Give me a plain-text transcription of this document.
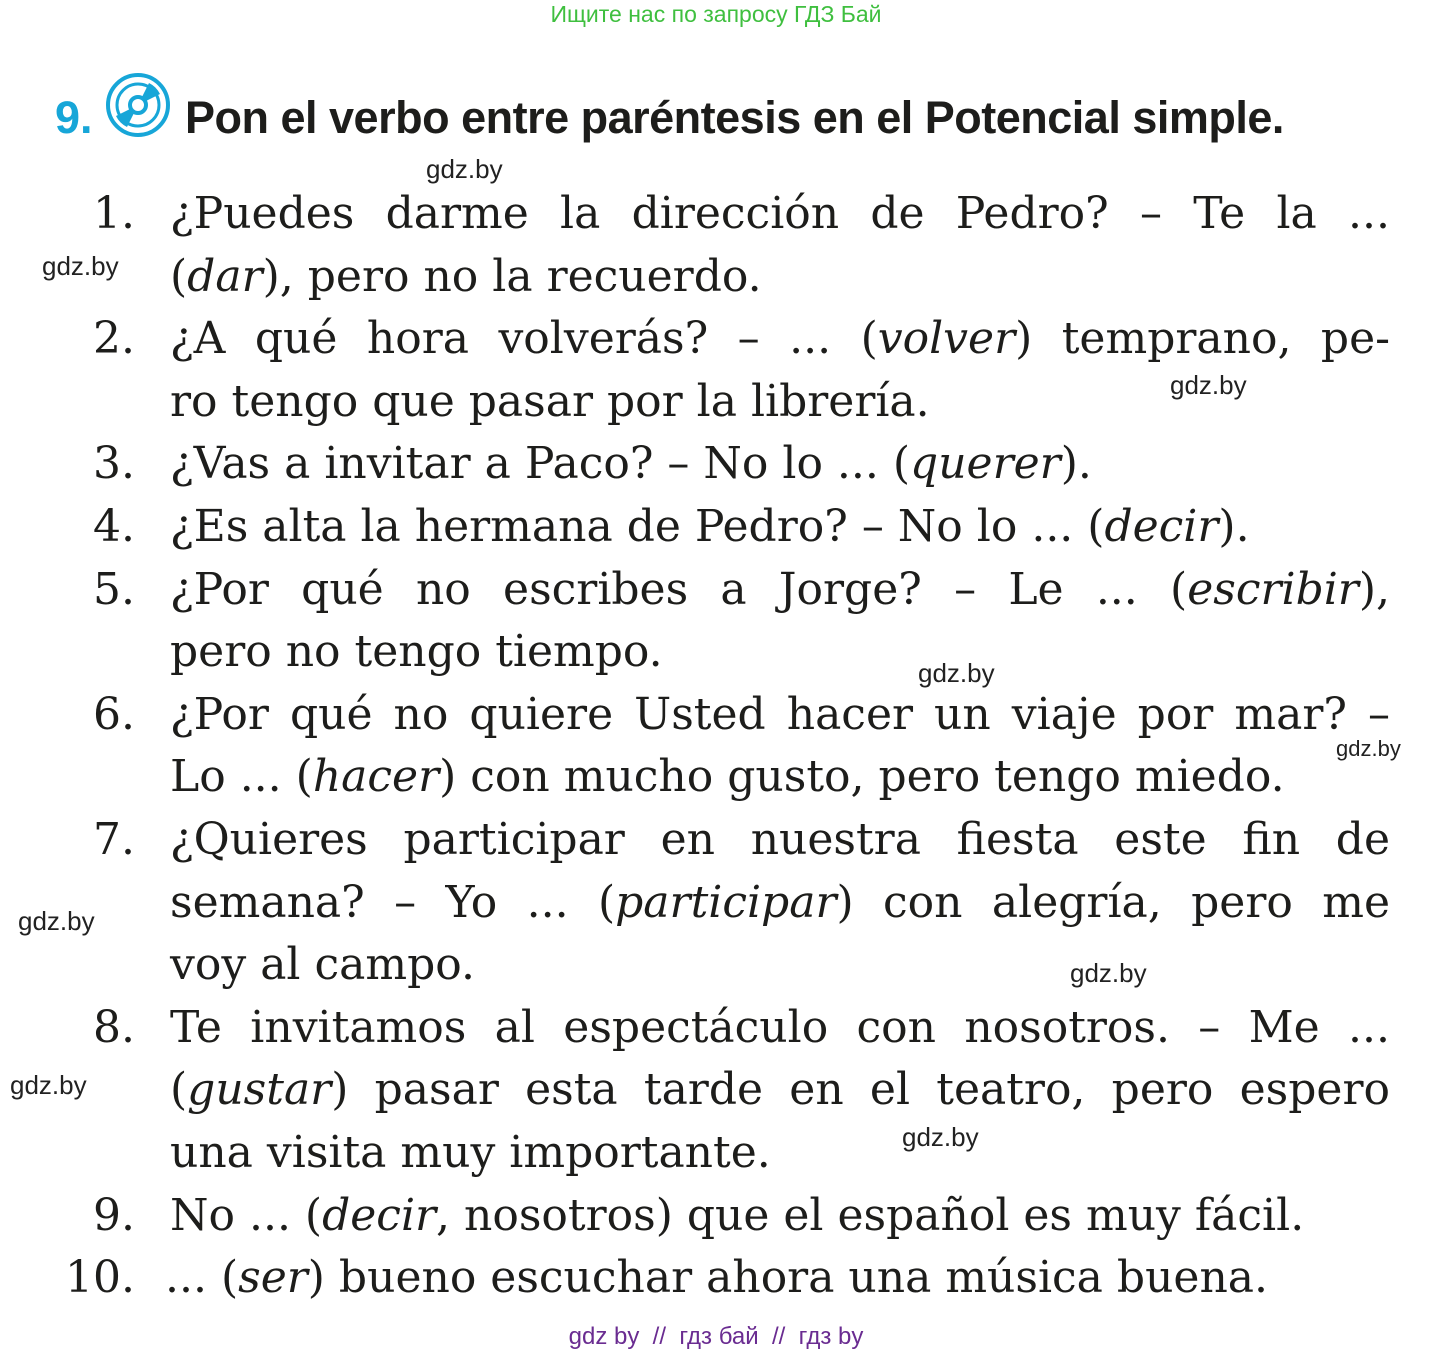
Ищите нас по запросу ГДЗ Бай
9. Pon el verbo entre paréntesis en el Potencial simple.
1. ¿Puedes darme la dirección de Pedro? – Te la ...
(dar), pero no la recuerdo.
2. ¿A qué hora volverás? – ... (volver) temprano, pe-
ro tengo que pasar por la librería.
3. ¿Vas a invitar a Paco? – No lo ... (querer).
4. ¿Es alta la hermana de Pedro? – No lo ... (decir).
5. ¿Por qué no escribes a Jorge? – Le ... (escribir),
pero no tengo tiempo.
6. ¿Por qué no quiere Usted hacer un viaje por mar? –
Lo ... (hacer) con mucho gusto, pero tengo miedo.
7. ¿Quieres participar en nuestra fiesta este fin de
semana? – Yo ... (participar) con alegría, pero me
voy al campo.
8. Te invitamos al espectáculo con nosotros. – Me ...
(gustar) pasar esta tarde en el teatro, pero espero
una visita muy importante.
9. No ... (decir, nosotros) que el español es muy fácil.
10. ... (ser) bueno escuchar ahora una música buena.
gdz.by
gdz.by
gdz.by
gdz.by
gdz.by
gdz.by
gdz.by
gdz.by
gdz.by
gdz by  //  гдз бай  //  гдз by
